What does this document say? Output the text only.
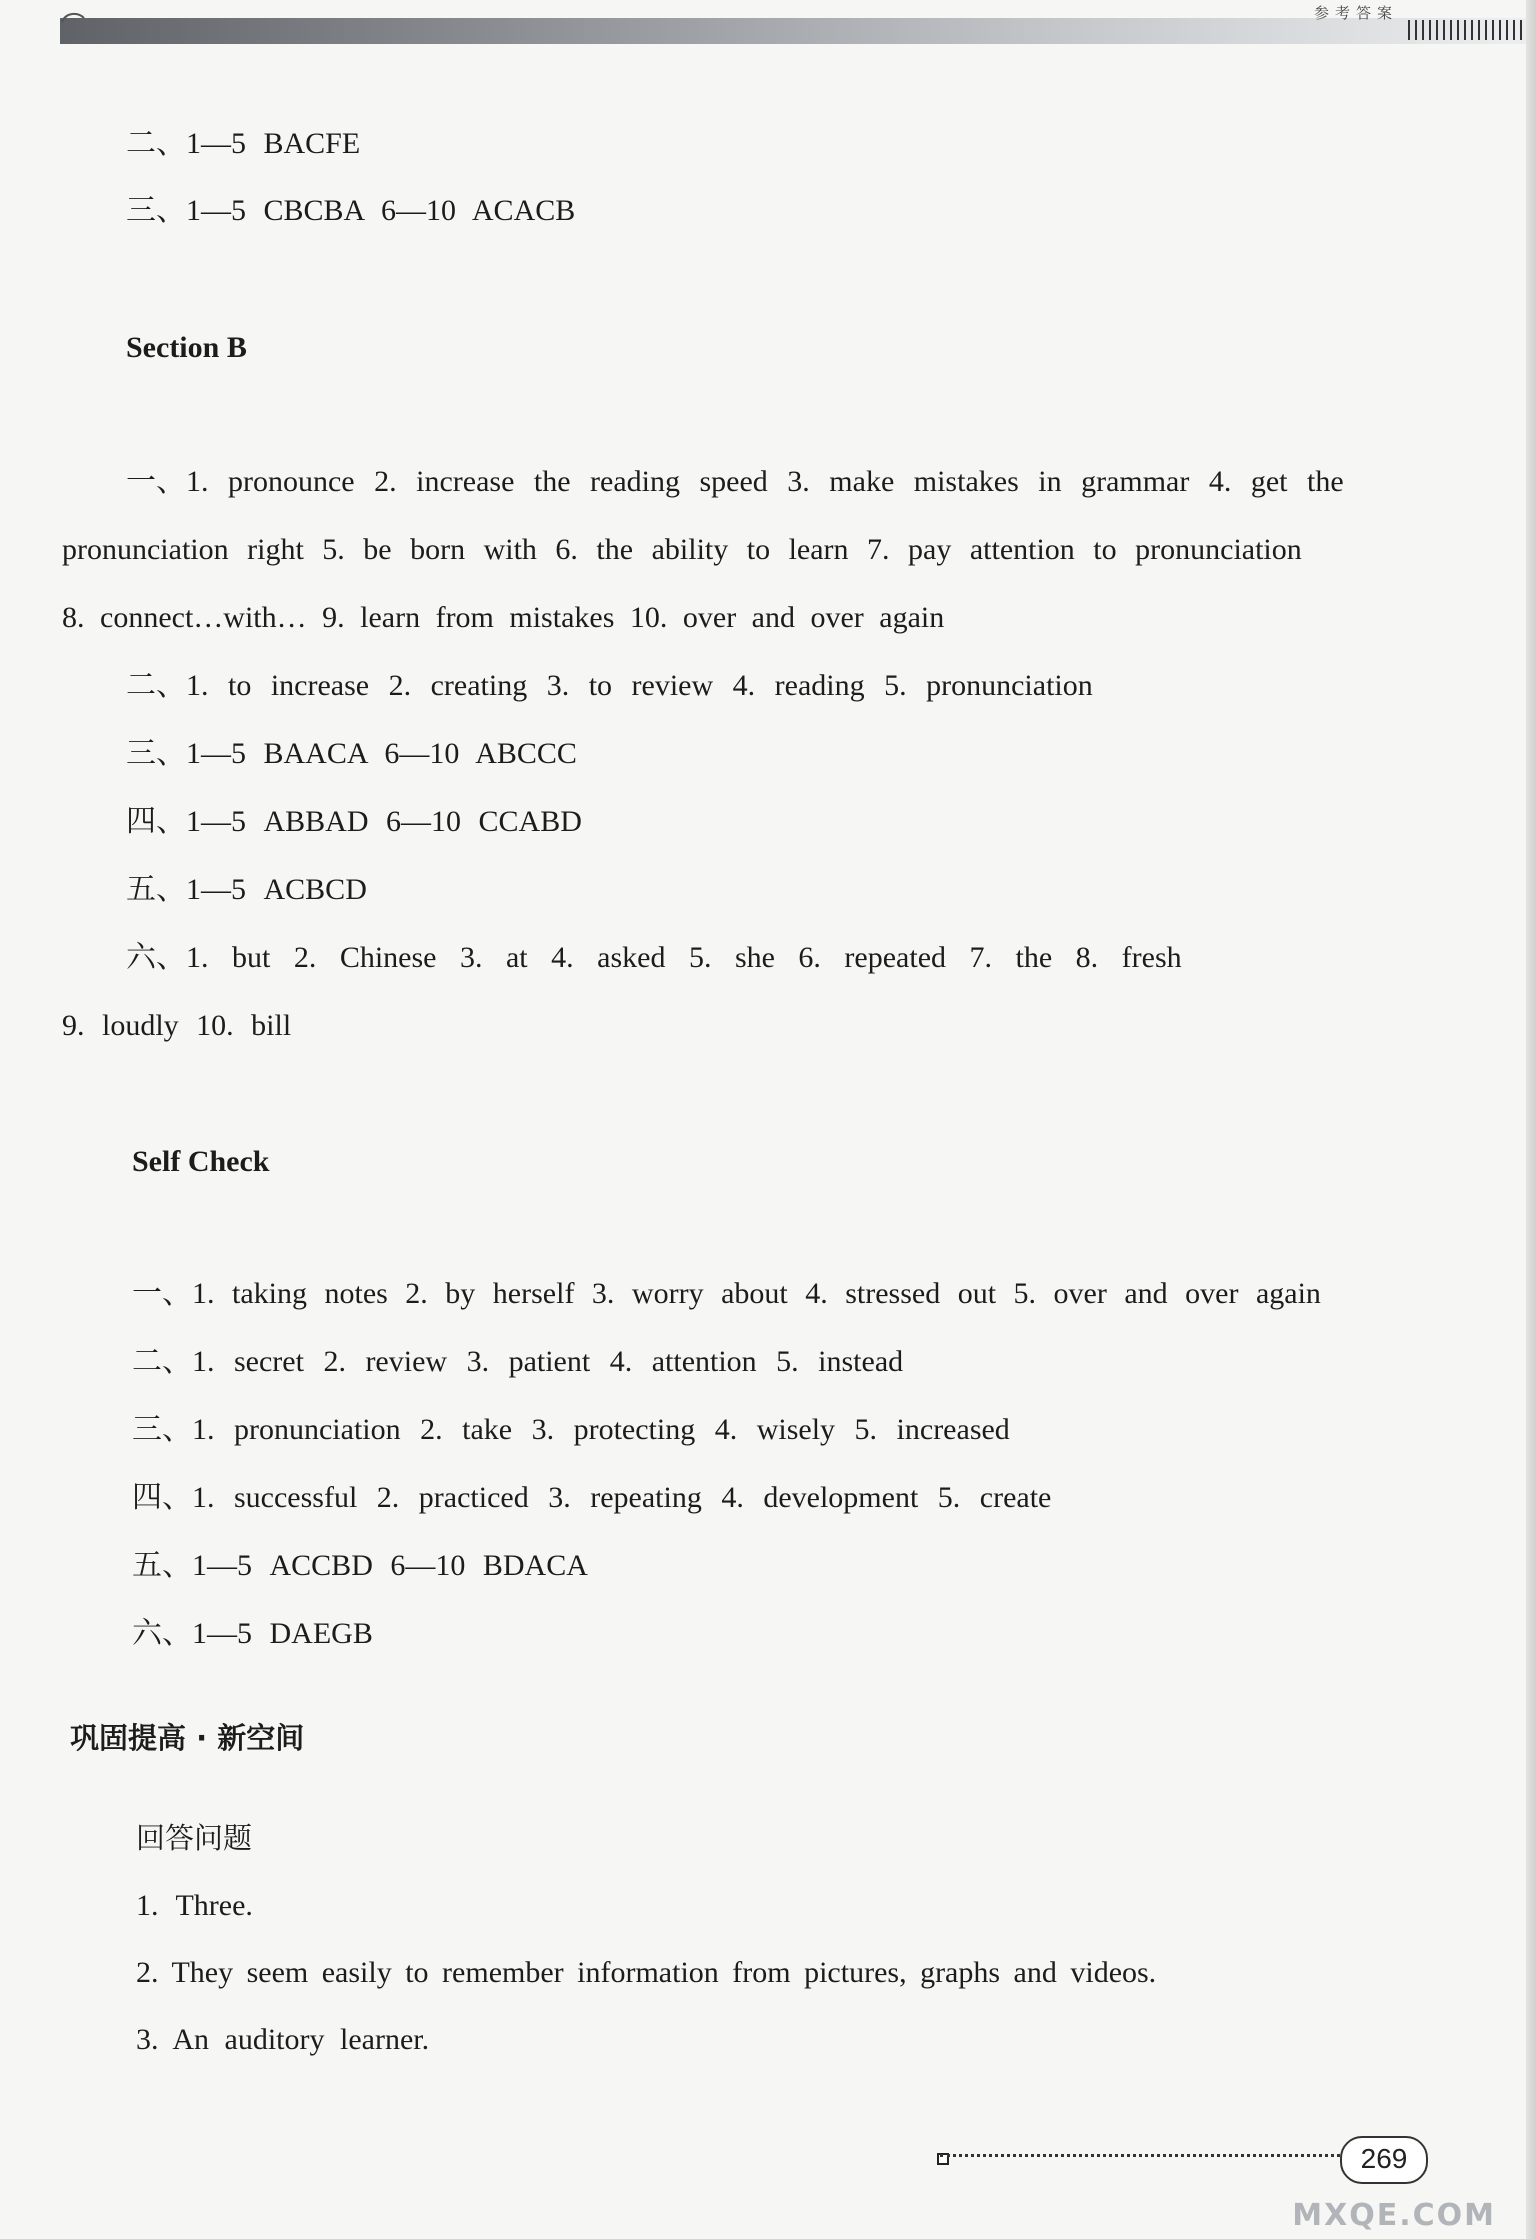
参考答案
二、1—5 BACFE
三、1—5 CBCBA 6—10 ACACB
Section B
一、1. pronounce 2. increase the reading speed 3. make mistakes in grammar 4. get the
pronunciation right 5. be born with 6. the ability to learn 7. pay attention to pronunciation
8. connect…with… 9. learn from mistakes 10. over and over again
二、1. to increase 2. creating 3. to review 4. reading 5. pronunciation
三、1—5 BAACA 6—10 ABCCC
四、1—5 ABBAD 6—10 CCABD
五、1—5 ACBCD
六、1. but 2. Chinese 3. at 4. asked 5. she 6. repeated 7. the 8. fresh
9. loudly 10. bill
Self Check
一、1. taking notes 2. by herself 3. worry about 4. stressed out 5. over and over again
二、1. secret 2. review 3. patient 4. attention 5. instead
三、1. pronunciation 2. take 3. protecting 4. wisely 5. increased
四、1. successful 2. practiced 3. repeating 4. development 5. create
五、1—5 ACCBD 6—10 BDACA
六、1—5 DAEGB
巩固提高 · 新空间
回答问题
1. Three.
2. They seem easily to remember information from pictures, graphs and videos.
3. An auditory learner.
269
MXQE.COM
